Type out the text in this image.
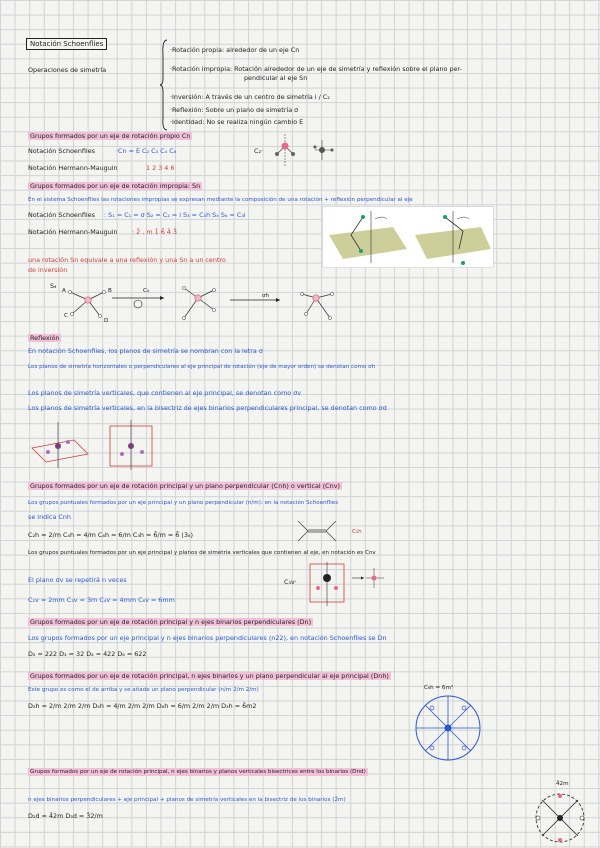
Notación Schoenflies
Operaciones de simetría
·Rotación propia: alrededor de un eje Cn
·Rotación impropia: Rotación alrededor de un eje de simetría y reflexión sobre el plano per-
pendicular al eje Sn
·Inversión: A través de un centro de simetría i / C₂
·Reflexión: Sobre un plano de simetría σ
·Identidad: No se realiza ningún cambio E
Grupos formados por un eje de rotación propio Cn
Notación Schoenflies	·Cn = E C₂ C₃ C₄ C₆
Notación Hermann-Mauguin	1 2 3 4 6
C₂·
Grupos formados por un eje de rotación impropia: Sn
En el sistema Schoenflies las rotaciones impropias se expresan mediante la composición de una rotación + reflexión perpendicular al eje
Notación Schoenflies : S₁ = C₁ = σ S₂ = C₂ = i S₃ = C₃h S₄ S₆ = C₃i
Notación Hermann-Mauguin : 2̄ , m 1̄ 6̄ 4̄ 3̄
una rotación Sn equivale a una reflexión y una Sn a un centro
de inversión
S₄
C₄
σh
A
C
B
D
Reflexión
En notación Schoenflies, los planos de simetría se nombran con la letra σ
Los planos de simetría horizontales o perpendiculares al eje principal de rotación (eje de mayor orden) se denotan como σh
Los planos de simetría verticales, que contienen al eje principal, se denotan como σv
Los planos de simetría verticales, en la bisectriz de ejes binarios perpendiculares principal, se denotan como σd
Grupos formados por un eje de rotación principal y un plano perpendicular (Cnh) o vertical (Cnv)
Los grupos puntuales formados por un eje principal y un plano perpendicular (n/m): en la notación Schoenflies
se indica Cnh
C₂h = 2/m C₄h = 4/m C₆h = 6/m C₃h = 6̄/m = 6̄ (3₆)	C₂h
Los grupos puntuales formados por un eje principal y planos de simetría verticales que contienen al eje, en notación es Cnv
El plano σv se repetirá n veces
C₂v = 2mm C₃v = 3m C₄v = 4mm C₆v = 6mm
C₃v·
Grupos formados por un eje de rotación principal y n ejes binarios perpendiculares (Dn)
Los grupos formados por un eje principal y n ejes binarios perpendiculares (n22), en notación Schoenflies se Dn
D₂ = 222 D₃ = 32 D₄ = 422 D₆ = 622
Grupos formados por un eje de rotación principal, n ejes binarios y un plano perpendicular al eje principal (Dnh)
Este grupo es como el de arriba y se añade un plano perpendicular (n/m 2/m 2/m)
D₂h = 2/m 2/m 2/m D₄h = 4/m 2/m 2/m D₆h = 6/m 2/m 2/m D₃h = 6̄m2
C₆h = 6m²
Grupos formados por un eje de rotación principal, n ejes binarios y planos verticales bisectrices entre los binarios (Dnd)
n ejes binarios perpendiculares + eje principal + planos de simetría verticales en la bisectriz de los binarios (2̄m)
D₂d = 4̄2m D₃d = 3̄2/m
4̄2m
